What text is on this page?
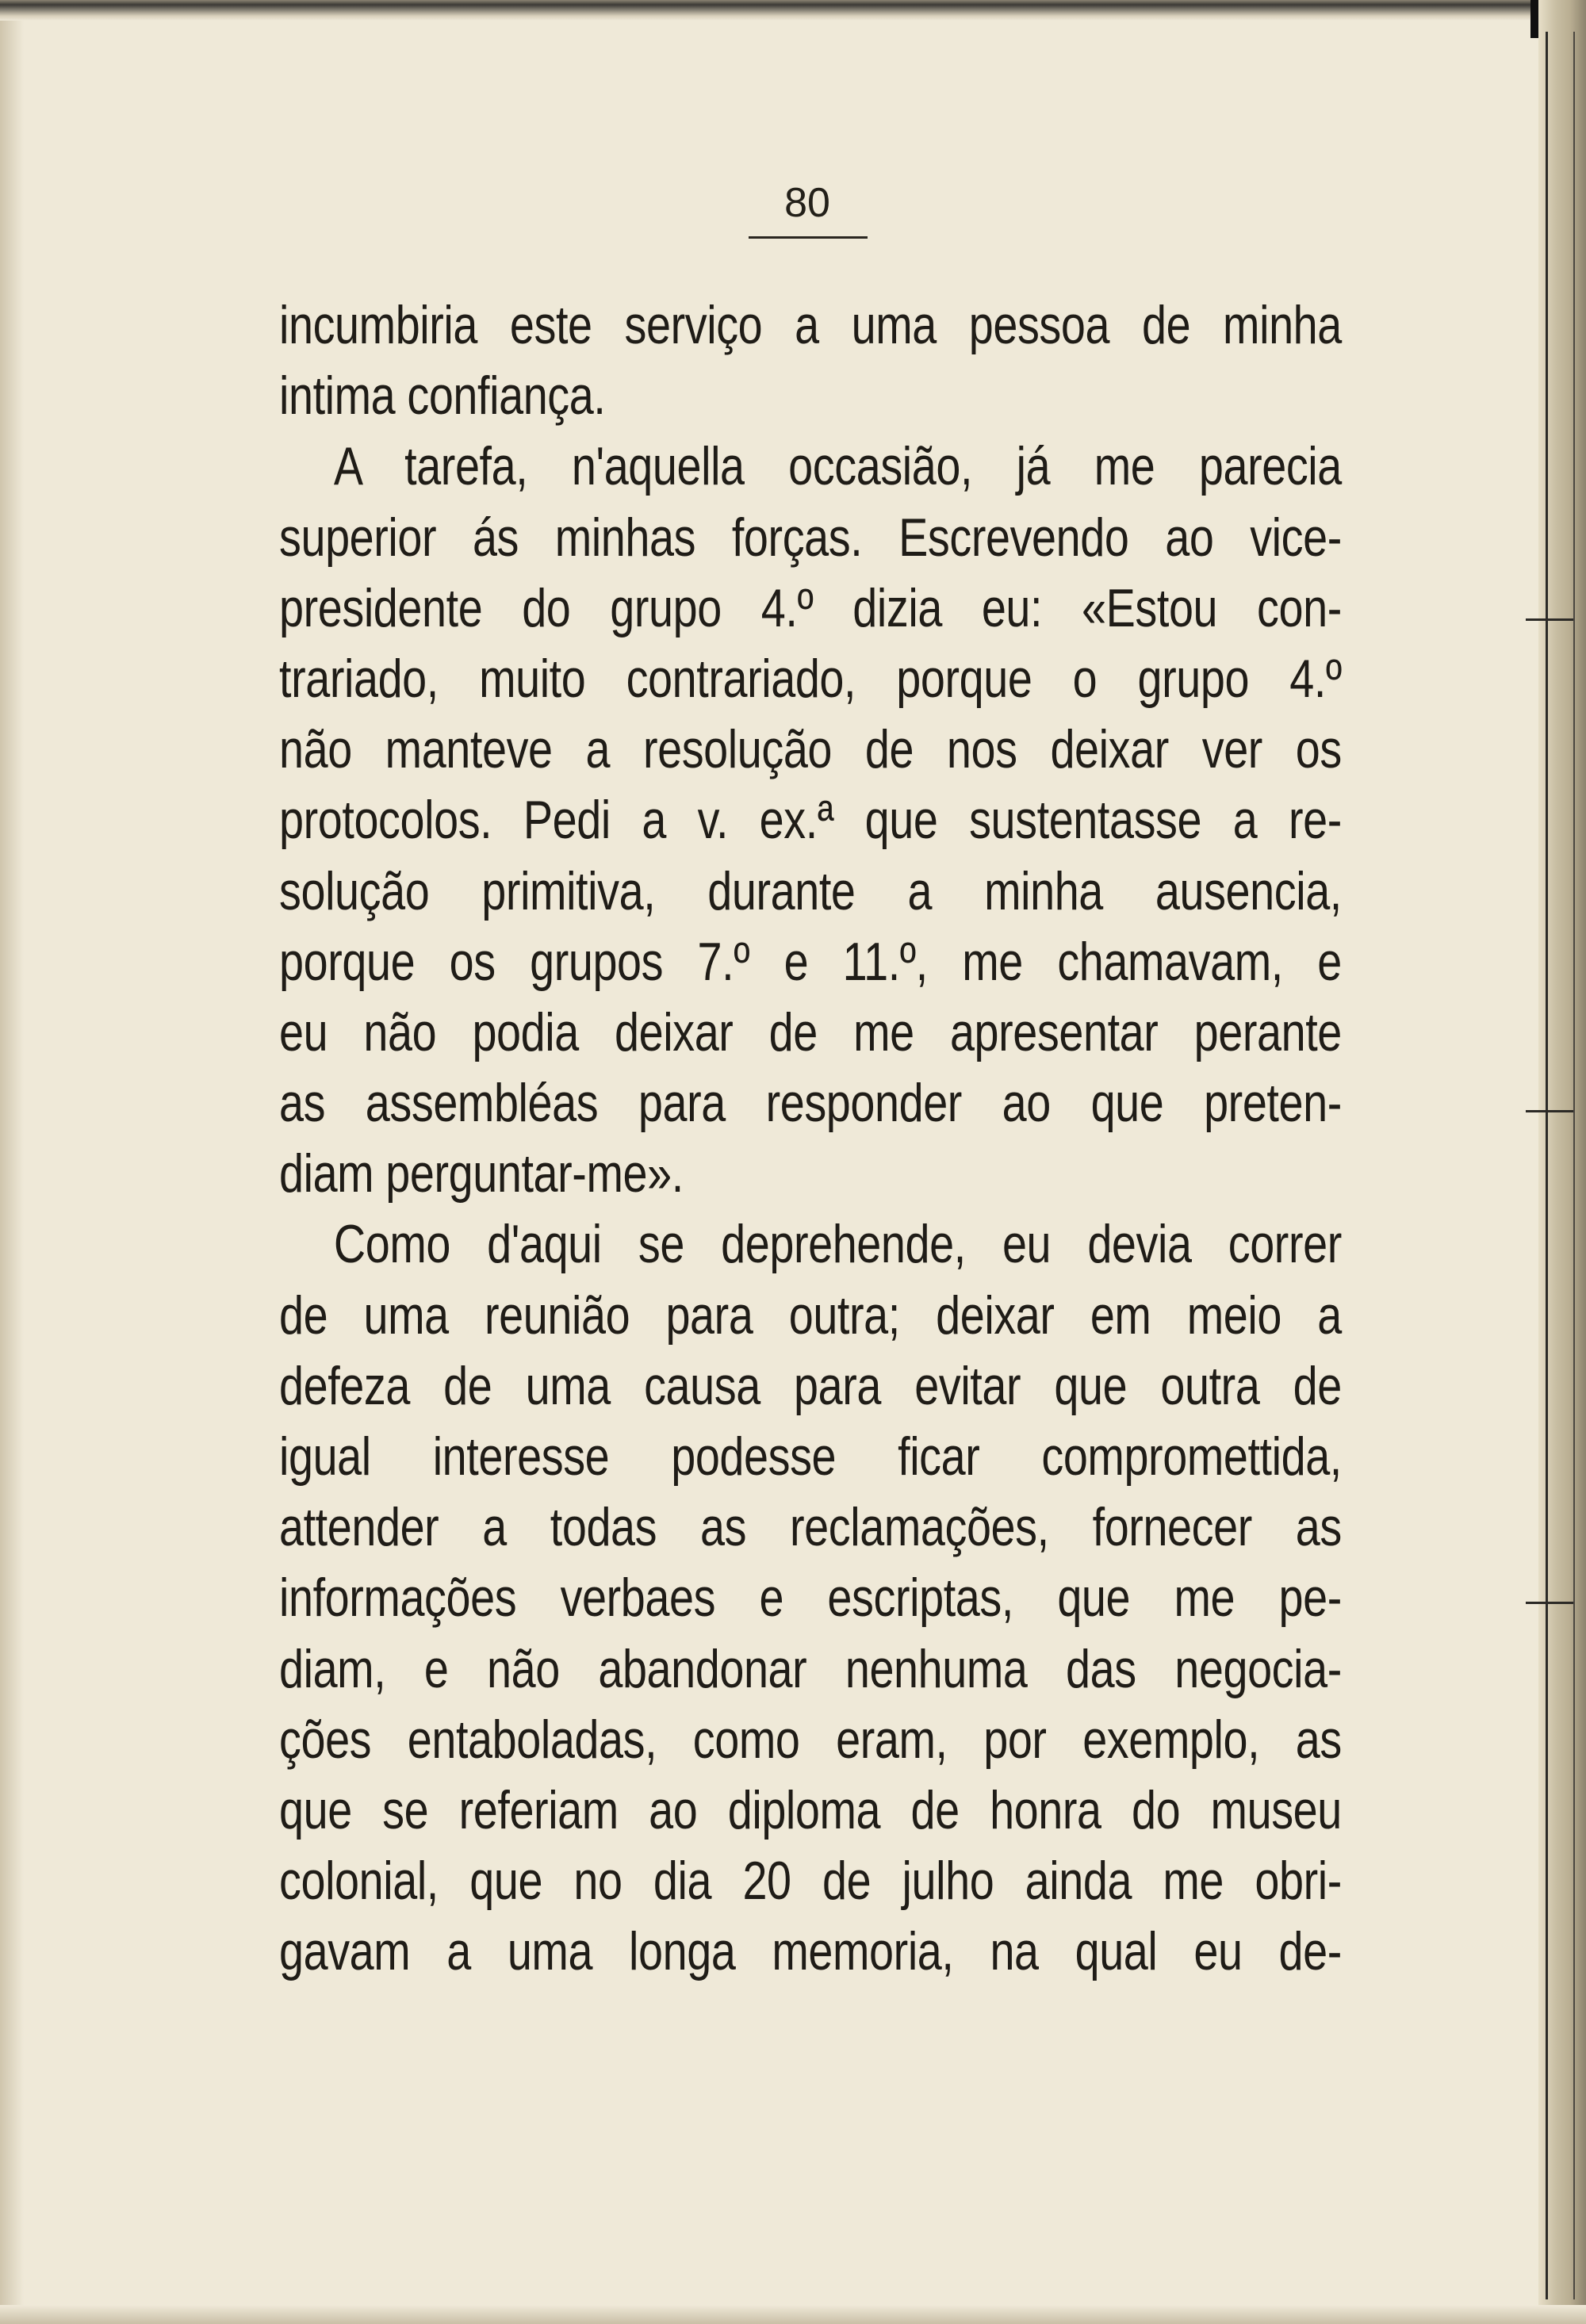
80
incumbiria este serviço a uma pessoa de minha
intima confiança.
A tarefa, n'aquella occasião, já me parecia
superior ás minhas forças. Escrevendo ao vice-
presidente do grupo 4.º dizia eu: «Estou con-
trariado, muito contrariado, porque o grupo 4.º
não manteve a resolução de nos deixar ver os
protocolos. Pedi a v. ex.ª que sustentasse a re-
solução primitiva, durante a minha ausencia,
porque os grupos 7.º e 11.º, me chamavam, e
eu não podia deixar de me apresentar perante
as assembléas para responder ao que preten-
diam perguntar-me».
Como d'aqui se deprehende, eu devia correr
de uma reunião para outra; deixar em meio a
defeza de uma causa para evitar que outra de
igual interesse podesse ficar compromettida,
attender a todas as reclamações, fornecer as
informações verbaes e escriptas, que me pe-
diam, e não abandonar nenhuma das negocia-
ções entaboladas, como eram, por exemplo, as
que se referiam ao diploma de honra do museu
colonial, que no dia 20 de julho ainda me obri-
gavam a uma longa memoria, na qual eu de-
